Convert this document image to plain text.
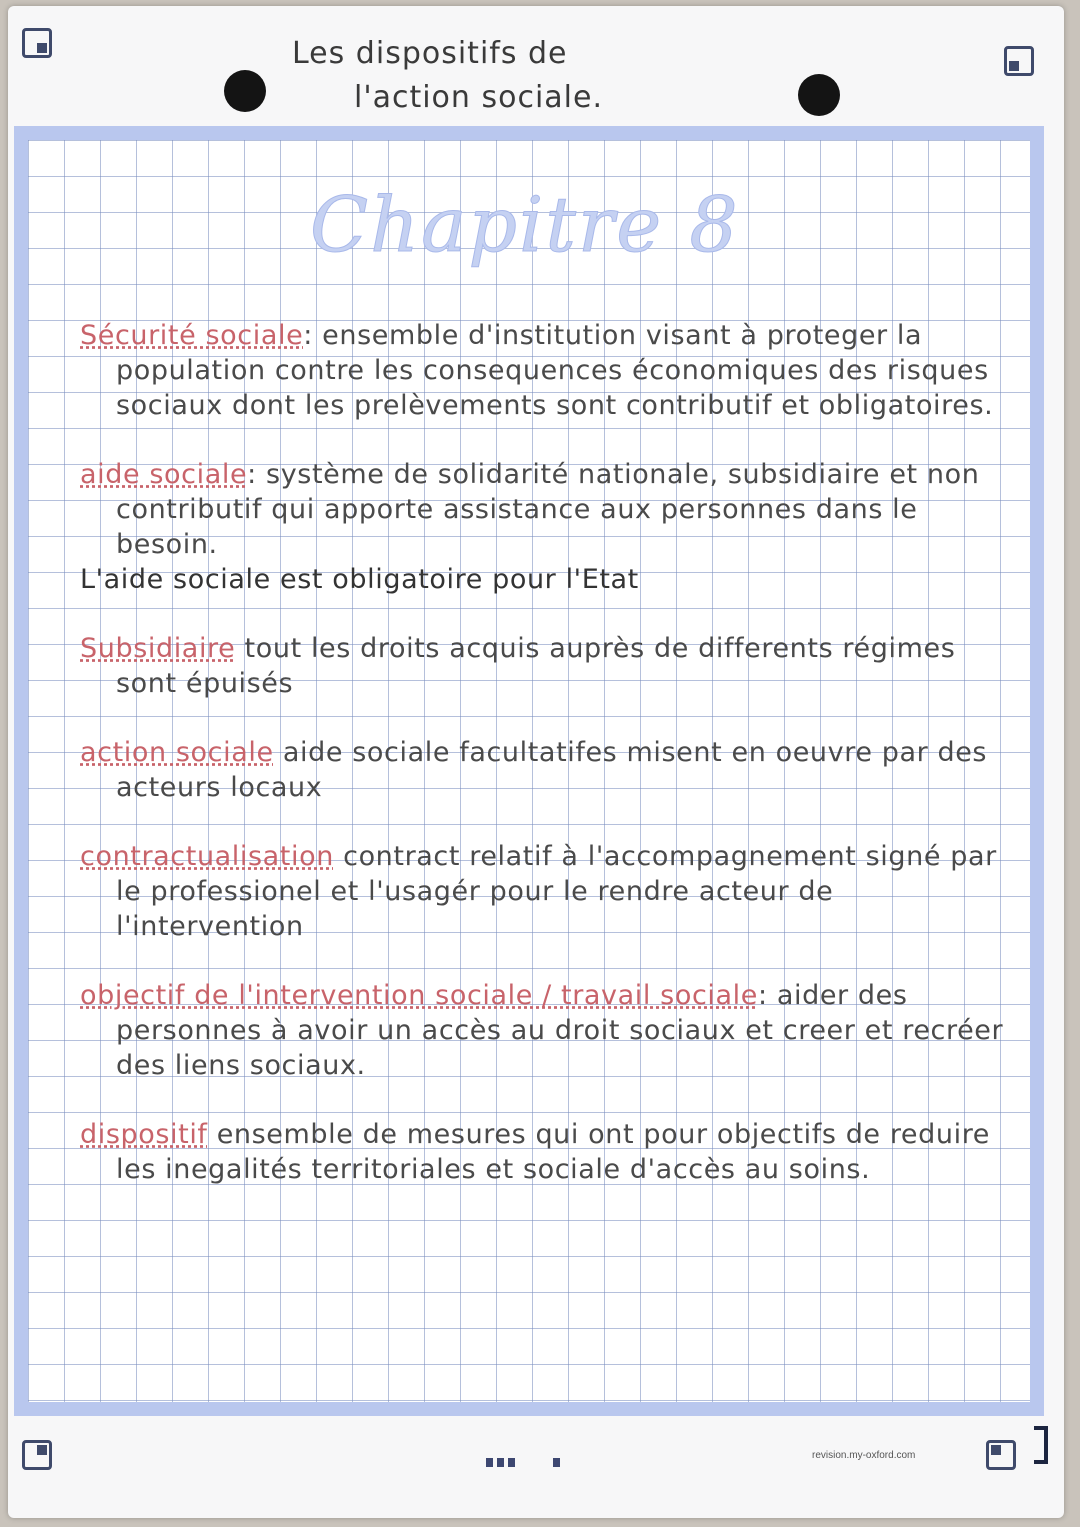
Les dispositifs de
l'action sociale.
Chapitre 8
Sécurité sociale: ensemble d'institution visant à proteger la population contre les consequences économiques des risques sociaux dont les prelèvements sont contributif et obligatoires.
aide sociale: système de solidarité nationale, subsidiaire et non contributif qui apporte assistance aux personnes dans le besoin.
L'aide sociale est obligatoire pour l'Etat
Subsidiaire tout les droits acquis auprès de differents régimes sont épuisés
action sociale aide sociale facultatifes misent en oeuvre par des acteurs locaux
contractualisation contract relatif à l'accompagnement signé par le professionel et l'usagér pour le rendre acteur de l'intervention
objectif de l'intervention sociale / travail sociale: aider des personnes à avoir un accès au droit sociaux et creer et recréer des liens sociaux.
dispositif ensemble de mesures qui ont pour objectifs de reduire les inegalités territoriales et sociale d'accès au soins.
revision.my-oxford.com
